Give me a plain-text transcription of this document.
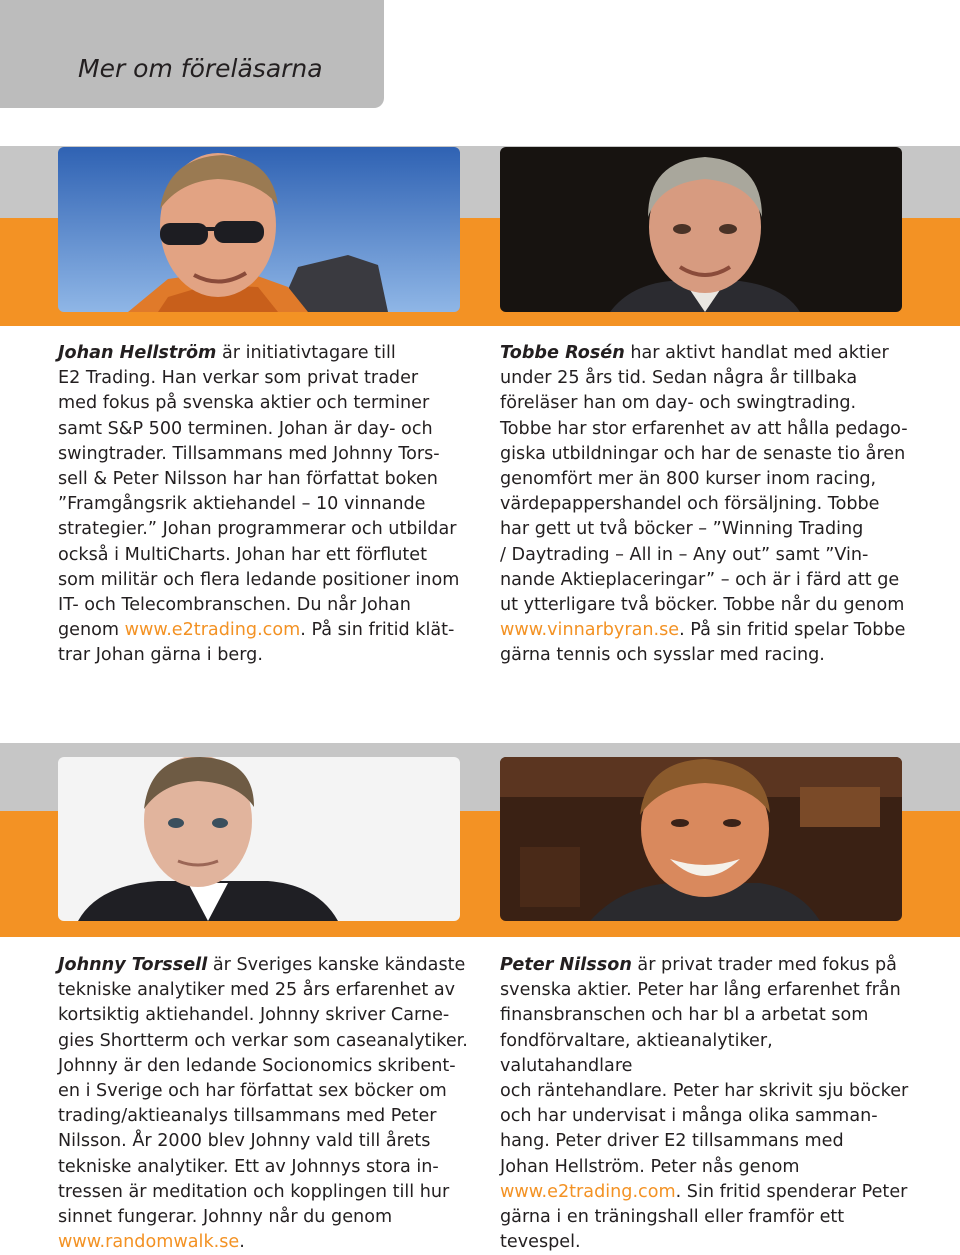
Mer om föreläsarna

Johan Hellström är initiativtagare till
E2 Trading. Han verkar som privat trader
med fokus på svenska aktier och terminer
samt S&P 500 terminen. Johan är day- och
swingtrader. Tillsammans med Johnny Tors-
sell & Peter Nilsson har han författat boken
”Framgångsrik aktiehandel – 10 vinnande
strategier.” Johan programmerar och utbildar
också i MultiCharts. Johan har ett förflutet
som militär och flera ledande positioner inom
IT- och Telecombranschen. Du når Johan
genom www.e2trading.com. På sin fritid klät-
trar Johan gärna i berg.

Tobbe Rosén har aktivt handlat med aktier
under 25 års tid. Sedan några år tillbaka
föreläser han om day- och swingtrading.
Tobbe har stor erfarenhet av att hålla pedago-
giska utbildningar och har de senaste tio åren
genomfört mer än 800 kurser inom racing,
värdepappershandel och försäljning. Tobbe
har gett ut två böcker – ”Winning Trading
/ Daytrading – All in – Any out” samt ”Vin-
nande Aktieplaceringar” – och är i färd att ge
ut ytterligare två böcker. Tobbe når du genom
www.vinnarbyran.se. På sin fritid spelar Tobbe
gärna tennis och sysslar med racing.

Johnny Torssell är Sveriges kanske kändaste
tekniske analytiker med 25 års erfarenhet av
kortsiktig aktiehandel. Johnny skriver Carne-
gies Shortterm och verkar som caseanalytiker.
Johnny är den ledande Socionomics skribent-
en i Sverige och har författat sex böcker om
trading/aktieanalys tillsammans med Peter
Nilsson. År 2000 blev Johnny vald till årets
tekniske analytiker. Ett av Johnnys stora in-
tressen är meditation och kopplingen till hur
sinnet fungerar. Johnny når du genom
www.randomwalk.se.

Peter Nilsson är privat trader med fokus på
svenska aktier. Peter har lång erfarenhet från
finansbranschen och har bl a arbetat som
fondförvaltare, aktieanalytiker, valutahandlare
och räntehandlare. Peter har skrivit sju böcker
och har undervisat i många olika samman-
hang. Peter driver E2 tillsammans med
Johan Hellström. Peter nås genom
www.e2trading.com. Sin fritid spenderar Peter
gärna i en träningshall eller framför ett
tevespel.
